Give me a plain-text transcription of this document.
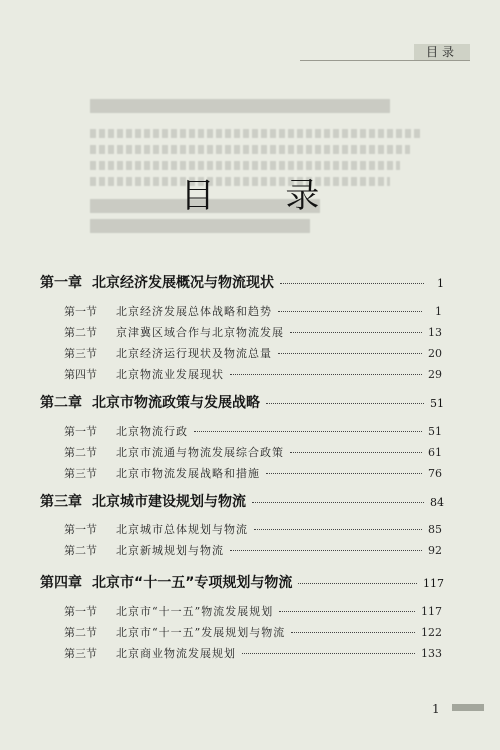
目录
目 录
第一章 北京经济发展概况与物流现状	1
第一节	北京经济发展总体战略和趋势	1
第二节	京津冀区域合作与北京物流发展	13
第三节	北京经济运行现状及物流总量	20
第四节	北京物流业发展现状	29
第二章 北京市物流政策与发展战略	51
第一节	北京物流行政	51
第二节	北京市流通与物流发展综合政策	61
第三节	北京市物流发展战略和措施	76
第三章 北京城市建设规划与物流	84
第一节	北京城市总体规划与物流	85
第二节	北京新城规划与物流	92
第四章 北京市“十一五”专项规划与物流	117
第一节	北京市“十一五”物流发展规划	117
第二节	北京市“十一五”发展规划与物流	122
第三节	北京商业物流发展规划	133
1
